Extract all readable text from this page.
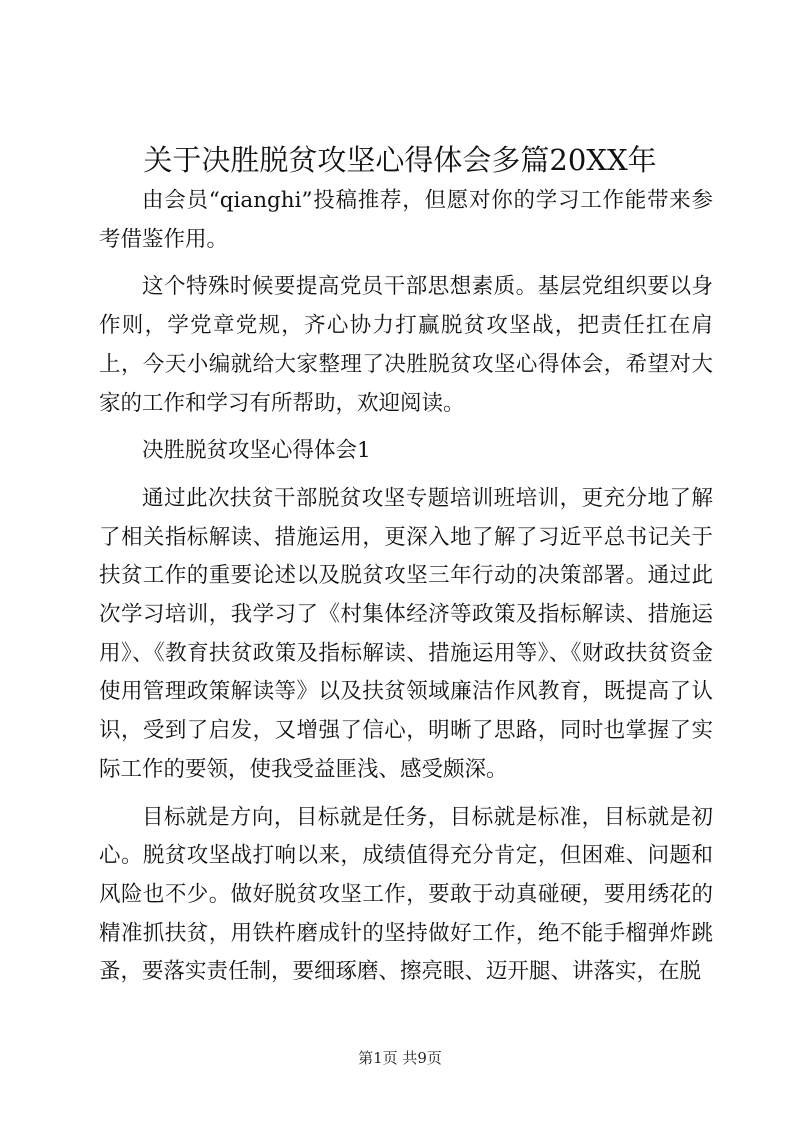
关于决胜脱贫攻坚心得体会多篇20XX年

由会员“qianghi”投稿推荐，但愿对你的学习工作能带来参考借鉴作用。

这个特殊时候要提高党员干部思想素质。基层党组织要以身作则，学党章党规，齐心协力打赢脱贫攻坚战，把责任扛在肩上，今天小编就给大家整理了决胜脱贫攻坚心得体会，希望对大家的工作和学习有所帮助，欢迎阅读。

决胜脱贫攻坚心得体会1

通过此次扶贫干部脱贫攻坚专题培训班培训，更充分地了解了相关指标解读、措施运用，更深入地了解了习近平总书记关于扶贫工作的重要论述以及脱贫攻坚三年行动的决策部署。通过此次学习培训，我学习了《村集体经济等政策及指标解读、措施运用》、《教育扶贫政策及指标解读、措施运用等》、《财政扶贫资金使用管理政策解读等》以及扶贫领域廉洁作风教育，既提高了认识，受到了启发，又增强了信心，明晰了思路，同时也掌握了实际工作的要领，使我受益匪浅、感受颇深。

目标就是方向，目标就是任务，目标就是标准，目标就是初心。脱贫攻坚战打响以来，成绩值得充分肯定，但困难、问题和风险也不少。做好脱贫攻坚工作，要敢于动真碰硬，要用绣花的精准抓扶贫，用铁杵磨成针的坚持做好工作，绝不能手榴弹炸跳蚤，要落实责任制，要细琢磨、擦亮眼、迈开腿、讲落实，在脱

第1页 共9页
